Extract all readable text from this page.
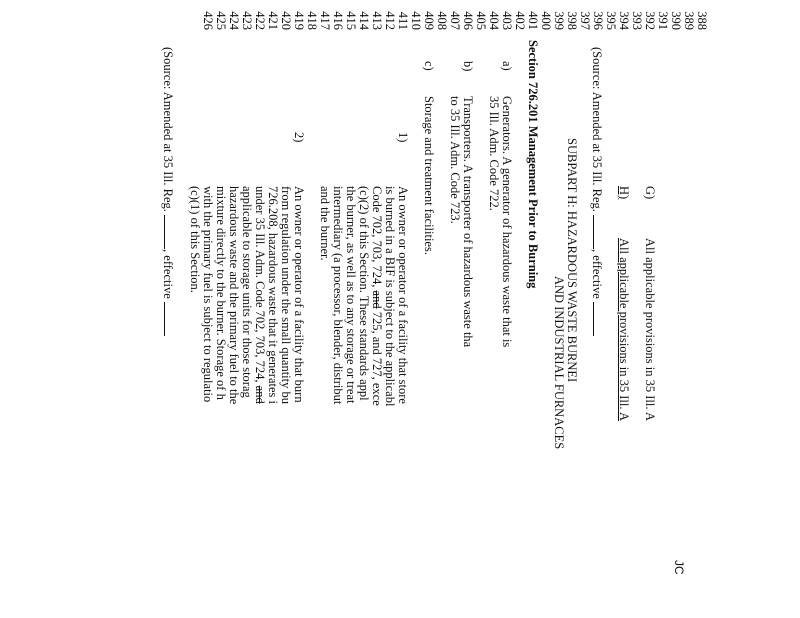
JC
388
389
390
391
392
393
394
395
396
397
398
399
400
401
402
403
404
405
406
407
408
409
410
411
412
413
414
415
416
417
418
419
420
421
422
423
424
425
426
G)
All applicable provisions in 35 Ill. A
H)
All applicable provisions in 35 Ill. A
(Source: Amended at 35 Ill. Reg. , effective
SUBPART H: HAZARDOUS WASTE BURNEI
AND INDUSTRIAL FURNACES
Section 726.201 Management Prior to Burning
a)
Generators. A generator of hazardous waste that is
35 Ill. Adm. Code 722.
b)
Transporters. A transporter of hazardous waste tha
to 35 Ill. Adm. Code 723.
c)
Storage and treatment facilities.
1)
An owner or operator of a facility that store
is burned in a BIF is subject to the applicabl
Code 702, 703, 724, and 725, and 727, exce
(c)(2) of this Section. These standards appl
the burner, as well as to any storage or treat
intermediary (a processor, blender, distribut
and the burner.
2)
An owner or operator of a facility that burn
from regulation under the small quantity bu
726.208, hazardous waste that it generates i
under 35 Ill. Adm. Code 702, 703, 724, and
applicable to storage units for those storag
hazardous waste and the primary fuel to the
mixture directly to the burner. Storage of h
with the primary fuel is subject to regulatio
(c)(1) of this Section.
(Source: Amended at 35 Ill. Reg. , effective
